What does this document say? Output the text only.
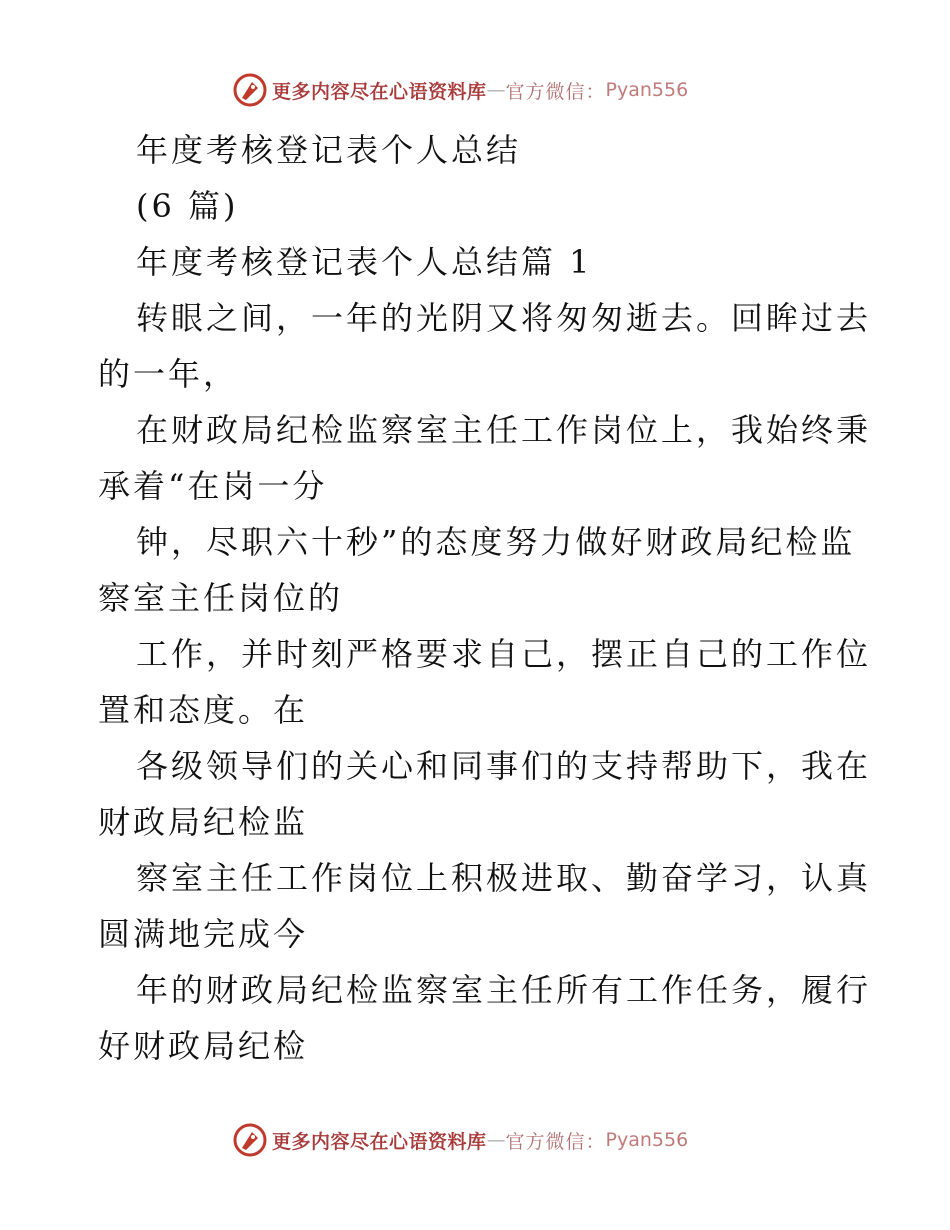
更多内容尽在心语资料库 — 官方微信： Pyan556
年度考核登记表个人总结
(6 篇)
年度考核登记表个人总结篇 1
转眼之间，一年的光阴又将匆匆逝去。回眸过去
的一年，
在财政局纪检监察室主任工作岗位上，我始终秉
承着“在岗一分
钟，尽职六十秒”的态度努力做好财政局纪检监
察室主任岗位的
工作，并时刻严格要求自己，摆正自己的工作位
置和态度。在
各级领导们的关心和同事们的支持帮助下，我在
财政局纪检监
察室主任工作岗位上积极进取、勤奋学习，认真
圆满地完成今
年的财政局纪检监察室主任所有工作任务，履行
好财政局纪检
更多内容尽在心语资料库 — 官方微信： Pyan556
